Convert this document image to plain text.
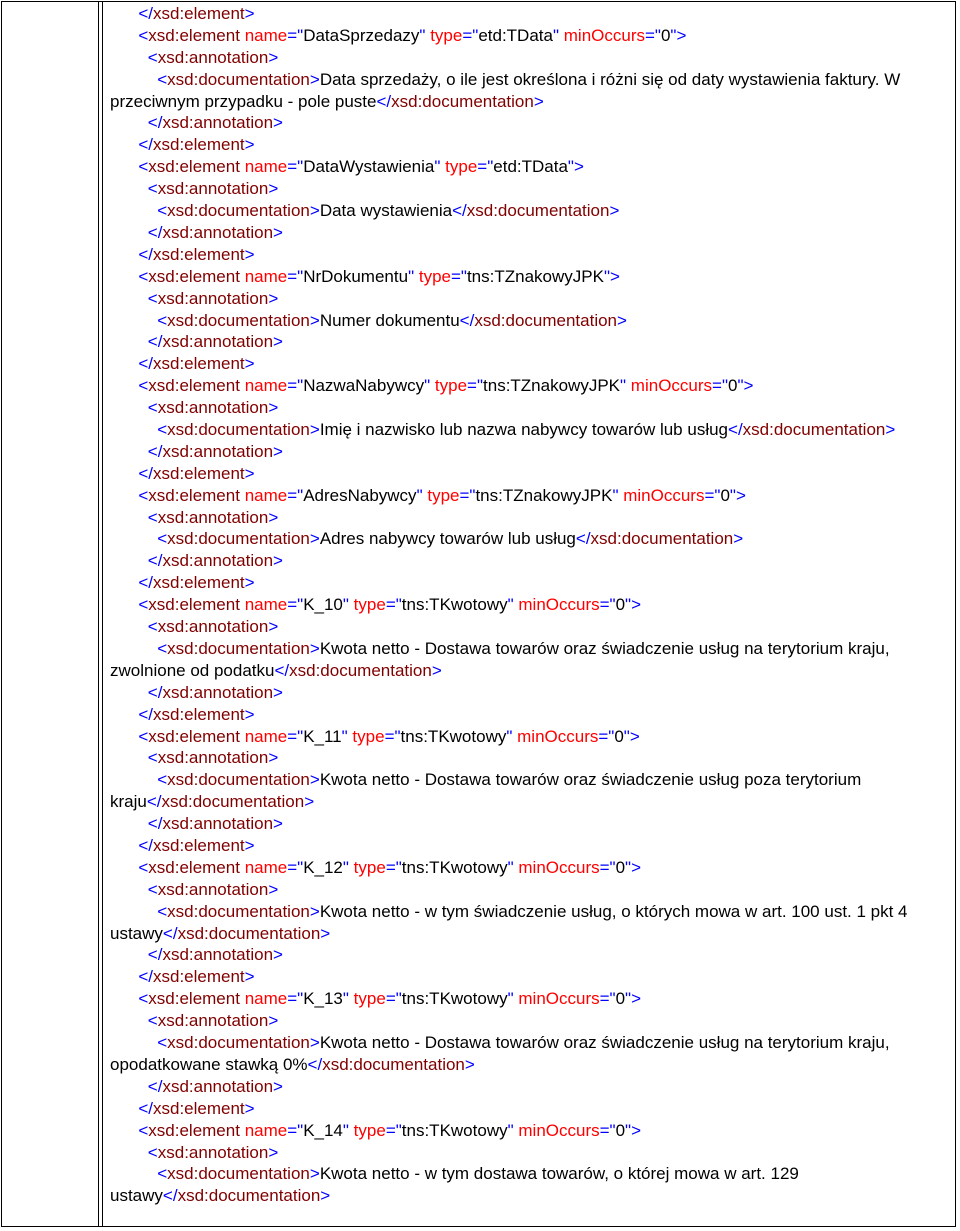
</xsd:element>
<xsd:element name="DataSprzedazy" type="etd:TData" minOccurs="0">
<xsd:annotation>
<xsd:documentation>Data sprzedaży, o ile jest określona i różni się od daty wystawienia faktury. W przeciwnym przypadku - pole puste</xsd:documentation>
</xsd:annotation>
</xsd:element>
<xsd:element name="DataWystawienia" type="etd:TData">
<xsd:annotation>
<xsd:documentation>Data wystawienia</xsd:documentation>
</xsd:annotation>
</xsd:element>
<xsd:element name="NrDokumentu" type="tns:TZnakowyJPK">
<xsd:annotation>
<xsd:documentation>Numer dokumentu</xsd:documentation>
</xsd:annotation>
</xsd:element>
<xsd:element name="NazwaNabywcy" type="tns:TZnakowyJPK" minOccurs="0">
<xsd:annotation>
<xsd:documentation>Imię i nazwisko lub nazwa nabywcy towarów lub usług</xsd:documentation>
</xsd:annotation>
</xsd:element>
<xsd:element name="AdresNabywcy" type="tns:TZnakowyJPK" minOccurs="0">
<xsd:annotation>
<xsd:documentation>Adres nabywcy towarów lub usług</xsd:documentation>
</xsd:annotation>
</xsd:element>
<xsd:element name="K_10" type="tns:TKwotowy" minOccurs="0">
<xsd:annotation>
<xsd:documentation>Kwota netto - Dostawa towarów oraz świadczenie usług na terytorium kraju, zwolnione od podatku</xsd:documentation>
</xsd:annotation>
</xsd:element>
<xsd:element name="K_11" type="tns:TKwotowy" minOccurs="0">
<xsd:annotation>
<xsd:documentation>Kwota netto - Dostawa towarów oraz świadczenie usług poza terytorium kraju</xsd:documentation>
</xsd:annotation>
</xsd:element>
<xsd:element name="K_12" type="tns:TKwotowy" minOccurs="0">
<xsd:annotation>
<xsd:documentation>Kwota netto - w tym świadczenie usług, o których mowa w art. 100 ust. 1 pkt 4 ustawy</xsd:documentation>
</xsd:annotation>
</xsd:element>
<xsd:element name="K_13" type="tns:TKwotowy" minOccurs="0">
<xsd:annotation>
<xsd:documentation>Kwota netto - Dostawa towarów oraz świadczenie usług na terytorium kraju, opodatkowane stawką 0%</xsd:documentation>
</xsd:annotation>
</xsd:element>
<xsd:element name="K_14" type="tns:TKwotowy" minOccurs="0">
<xsd:annotation>
<xsd:documentation>Kwota netto - w tym dostawa towarów, o której mowa w art. 129 ustawy</xsd:documentation>
